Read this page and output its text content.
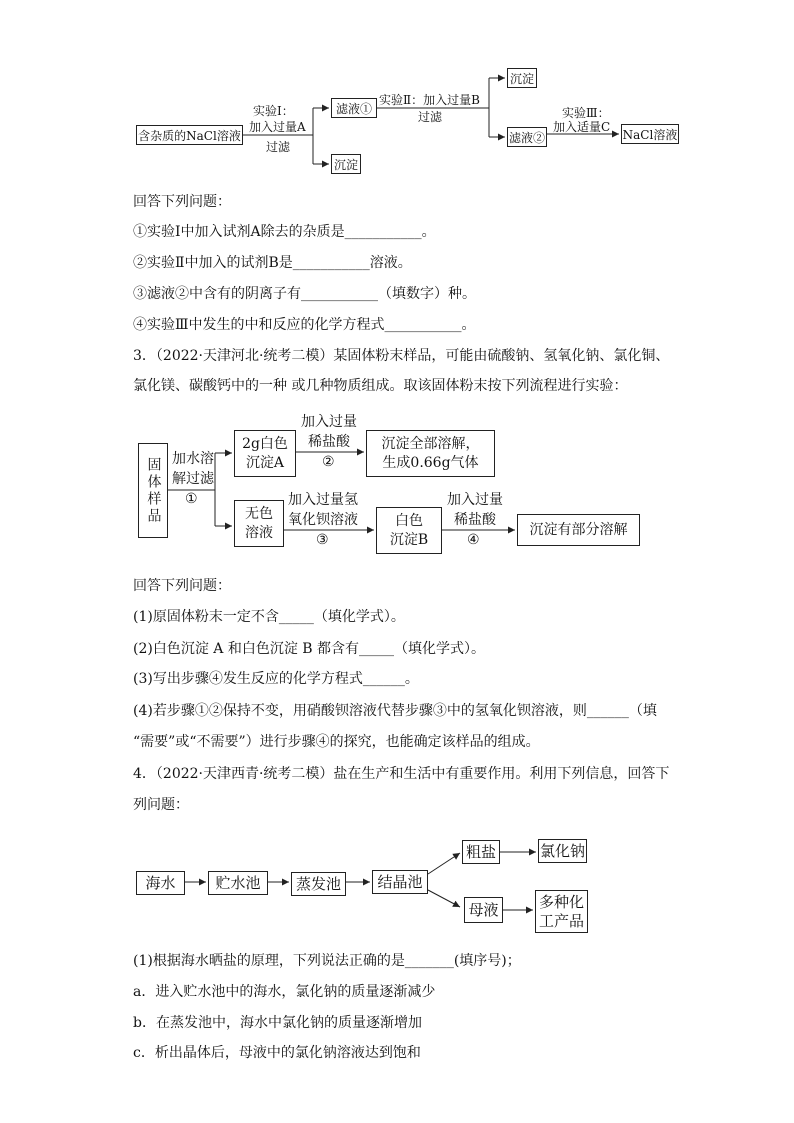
含杂质的NaCl溶液
滤液①
沉淀
沉淀
滤液②	NaCl溶液
实验Ⅰ：
加入过量A
过滤
实验Ⅱ：加入过量B
过滤	实验Ⅲ：
加入适量C
回答下列问题：
①实验Ⅰ中加入试剂A除去的杂质是___________。
②实验Ⅱ中加入的试剂B是___________溶液。
③滤液②中含有的阴离子有___________（填数字）种。
④实验Ⅲ中发生的中和反应的化学方程式___________。
3．（2022·天津河北·统考二模）某固体粉末样品，可能由硫酸钠、氢氧化钠、氯化铜、
氯化镁、碳酸钙中的一种 或几种物质组成。取该固体粉末按下列流程进行实验：
固体样品
2g白色
沉淀A
沉淀全部溶解，
生成0.66g气体
无色
溶液
白色
沉淀B
沉淀有部分溶解
加水溶
解过滤
①
加入过量
稀盐酸
②
加入过量氢
氧化钡溶液
③
加入过量
稀盐酸
④
回答下列问题：
(1)原固体粉末一定不含_____（填化学式）。
(2)白色沉淀 A 和白色沉淀 B 都含有_____（填化学式）。
(3)写出步骤④发生反应的化学方程式______。
(4)若步骤①②保持不变，用硝酸钡溶液代替步骤③中的氢氧化钡溶液，则______（填
“需要”或“不需要”）进行步骤④的探究，也能确定该样品的组成。
4．（2022·天津西青·统考二模）盐在生产和生活中有重要作用。利用下列信息，回答下
列问题：
海水	贮水池 蒸发池 结晶池
粗盐	氯化钠
母液	多种化
工产品
(1)根据海水晒盐的原理，下列说法正确的是_______(填序号)；
a．进入贮水池中的海水，氯化钠的质量逐渐减少
b．在蒸发池中，海水中氯化钠的质量逐渐增加
c．析出晶体后，母液中的氯化钠溶液达到饱和
